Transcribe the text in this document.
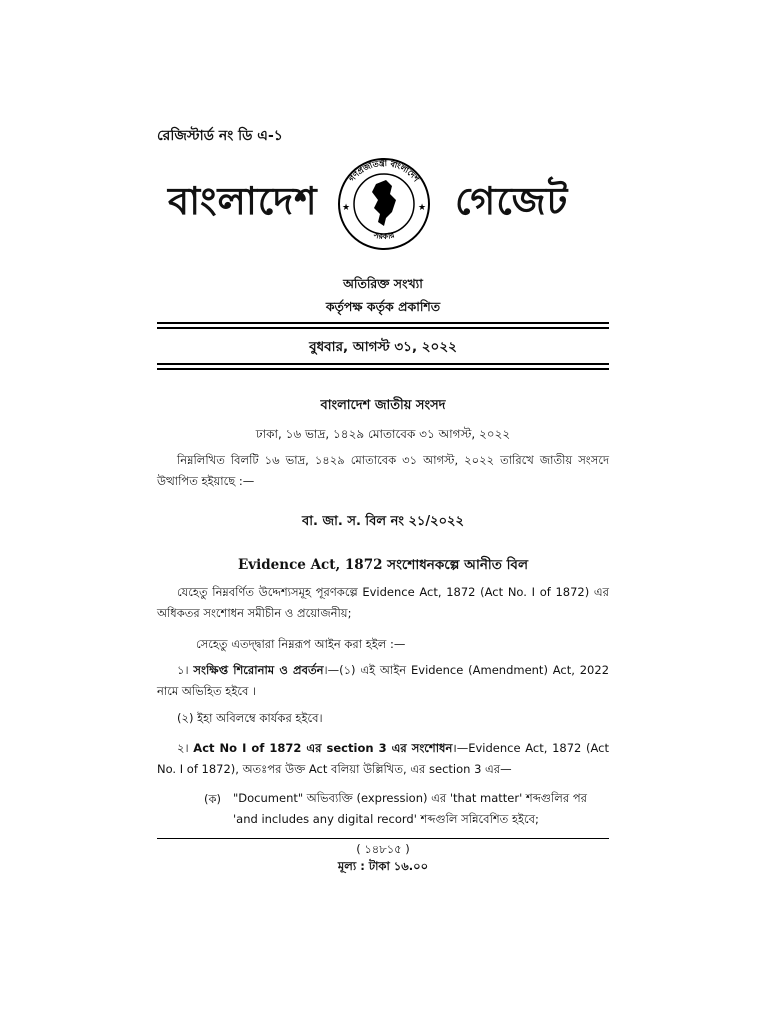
রেজিস্টার্ড নং ডি এ-১
বাংলাদেশ
গণপ্রজাতন্ত্রী বাংলাদেশ
সরকার
★	★ গেজেট
অতিরিক্ত সংখ্যা
কর্তৃপক্ষ কর্তৃক প্রকাশিত
বুধবার, আগস্ট ৩১, ২০২২
বাংলাদেশ জাতীয় সংসদ
ঢাকা, ১৬ ভাদ্র, ১৪২৯ মোতাবেক ৩১ আগস্ট, ২০২২
নিম্নলিখিত বিলটি ১৬ ভাদ্র, ১৪২৯ মোতাবেক ৩১ আগস্ট, ২০২২ তারিখে জাতীয় সংসদে উত্থাপিত হইয়াছে :—
বা. জা. স. বিল নং ২১/২০২২
Evidence Act, 1872 সংশোধনকল্পে আনীত বিল
যেহেতু নিম্নবর্ণিত উদ্দেশ্যসমূহ পূরণকল্পে Evidence Act, 1872 (Act No. I of 1872) এর অধিকতর সংশোধন সমীচীন ও প্রয়োজনীয়;
সেহেতু এতদ্দ্বারা নিম্নরূপ আইন করা হইল :—
১। সংক্ষিপ্ত শিরোনাম ও প্রবর্তন।—(১) এই আইন Evidence (Amendment) Act, 2022 নামে অভিহিত হইবে ।
(২) ইহা অবিলম্বে কার্যকর হইবে।
২। Act No I of 1872 এর section 3 এর সংশোধন।—Evidence Act, 1872 (Act No. I of 1872), অতঃপর উক্ত Act বলিয়া উল্লিখিত, এর section 3 এর—
(ক) "Document" অভিব্যক্তি (expression) এর 'that matter' শব্দগুলির পর 'and includes any digital record' শব্দগুলি সন্নিবেশিত হইবে;
( ১৪৮১৫ )
মূল্য : টাকা ১৬.০০
